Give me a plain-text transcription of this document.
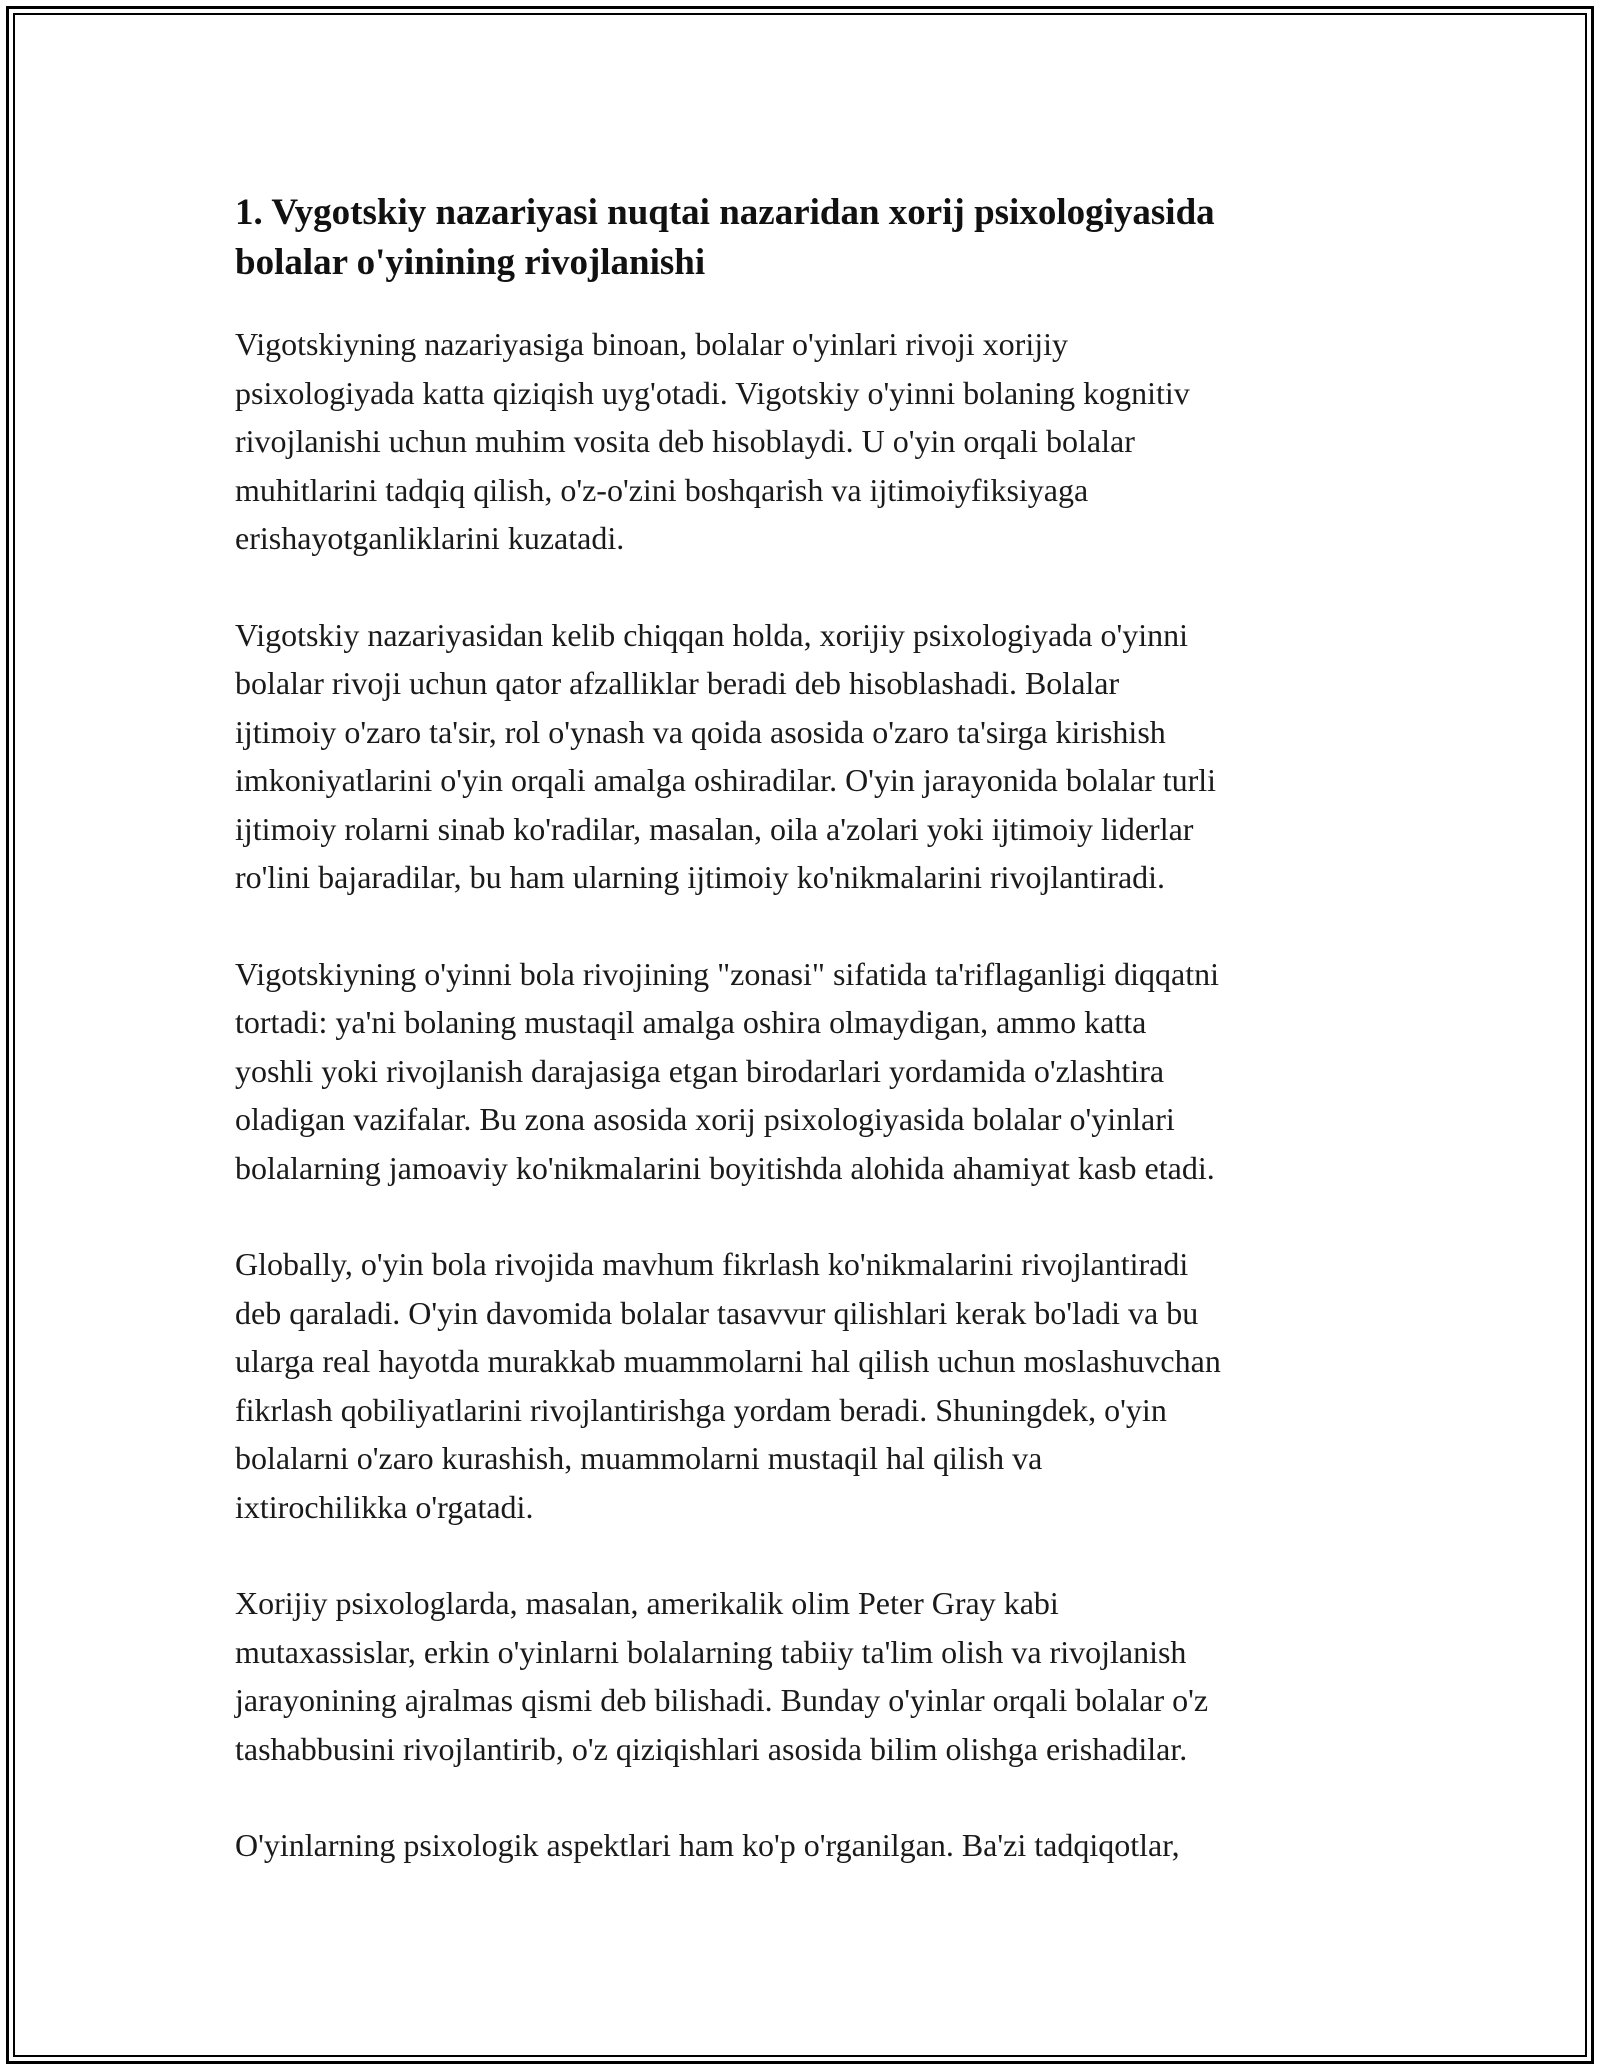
1. Vygotskiy nazariyasi nuqtai nazaridan xorij psixologiyasida
bolalar o'yinining rivojlanishi

Vigotskiyning nazariyasiga binoan, bolalar o'yinlari rivoji xorijiy
psixologiyada katta qiziqish uyg'otadi. Vigotskiy o'yinni bolaning kognitiv
rivojlanishi uchun muhim vosita deb hisoblaydi. U o'yin orqali bolalar
muhitlarini tadqiq qilish, o'z-o'zini boshqarish va ijtimoiyfiksiyaga
erishayotganliklarini kuzatadi.

Vigotskiy nazariyasidan kelib chiqqan holda, xorijiy psixologiyada o'yinni
bolalar rivoji uchun qator afzalliklar beradi deb hisoblashadi. Bolalar
ijtimoiy o'zaro ta'sir, rol o'ynash va qoida asosida o'zaro ta'sirga kirishish
imkoniyatlarini o'yin orqali amalga oshiradilar. O'yin jarayonida bolalar turli
ijtimoiy rolarni sinab ko'radilar, masalan, oila a'zolari yoki ijtimoiy liderlar
ro'lini bajaradilar, bu ham ularning ijtimoiy ko'nikmalarini rivojlantiradi.

Vigotskiyning o'yinni bola rivojining "zonasi" sifatida ta'riflaganligi diqqatni
tortadi: ya'ni bolaning mustaqil amalga oshira olmaydigan, ammo katta
yoshli yoki rivojlanish darajasiga etgan birodarlari yordamida o'zlashtira
oladigan vazifalar. Bu zona asosida xorij psixologiyasida bolalar o'yinlari
bolalarning jamoaviy ko'nikmalarini boyitishda alohida ahamiyat kasb etadi.

Globally, o'yin bola rivojida mavhum fikrlash ko'nikmalarini rivojlantiradi
deb qaraladi. O'yin davomida bolalar tasavvur qilishlari kerak bo'ladi va bu
ularga real hayotda murakkab muammolarni hal qilish uchun moslashuvchan
fikrlash qobiliyatlarini rivojlantirishga yordam beradi. Shuningdek, o'yin
bolalarni o'zaro kurashish, muammolarni mustaqil hal qilish va
ixtirochilikka o'rgatadi.

Xorijiy psixologlarda, masalan, amerikalik olim Peter Gray kabi
mutaxassislar, erkin o'yinlarni bolalarning tabiiy ta'lim olish va rivojlanish
jarayonining ajralmas qismi deb bilishadi. Bunday o'yinlar orqali bolalar o'z
tashabbusini rivojlantirib, o'z qiziqishlari asosida bilim olishga erishadilar.

O'yinlarning psixologik aspektlari ham ko'p o'rganilgan. Ba'zi tadqiqotlar,
